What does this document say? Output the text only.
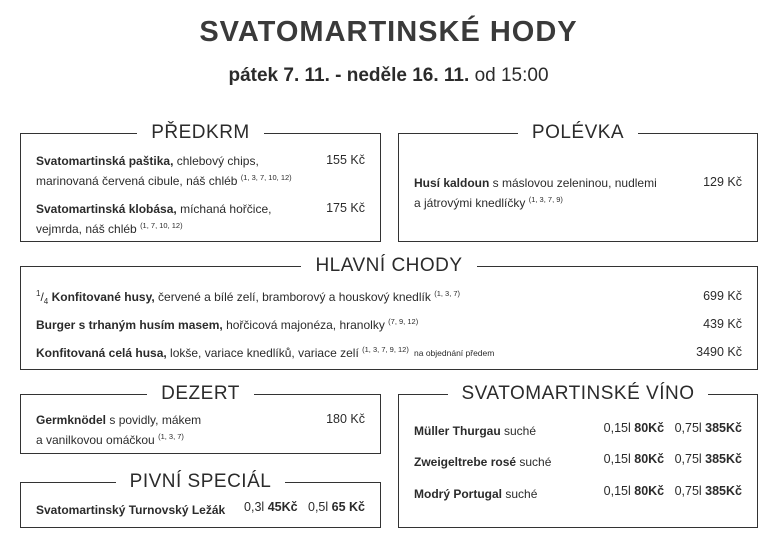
SVATOMARTINSKÉ HODY
pátek 7. 11. - neděle 16. 11. od 15:00
PŘEDKRM
Svatomartinská paštika, chlebový chips,
marinovaná červená cibule, náš chléb $^{(1, 3, 7, 10, 12)}$
155 Kč
Svatomartinská klobása, míchaná hořčice,
vejmrda, náš chléb $^{(1, 7, 10, 12)}$
175 Kč
POLÉVKA
Husí kaldoun s máslovou zeleninou, nudlemi
a játrovými knedlíčky $^{(1, 3, 7, 9)}$
129 Kč
HLAVNÍ CHODY
$^1/_4$ Konfitované husy, červené a bílé zelí, bramborový a houskový knedlík $^{(1, 3, 7)}$	699 Kč
Burger s trhaným husím masem, hořčicová majonéza, hranolky $^{(7, 9, 12)}$	439 Kč
Konfitovaná celá husa, lokše, variace knedlíků, variace zelí $^{(1, 3, 7, 9, 12)}$ na objednání předem	3490 Kč
DEZERT
Germknödel s povidly, mákem
a vanilkovou omáčkou $^{(1, 3, 7)}$
180 Kč
PIVNÍ SPECIÁL
Svatomartinský Turnovský Ležák 0,3l 45Kč 0,5l 65 Kč
SVATOMARTINSKÉ VÍNO
Müller Thurgau suché	0,15l 80Kč 0,75l 385Kč
Zweigeltrebe rosé suché	0,15l 80Kč 0,75l 385Kč
Modrý Portugal suché	0,15l 80Kč 0,75l 385Kč
